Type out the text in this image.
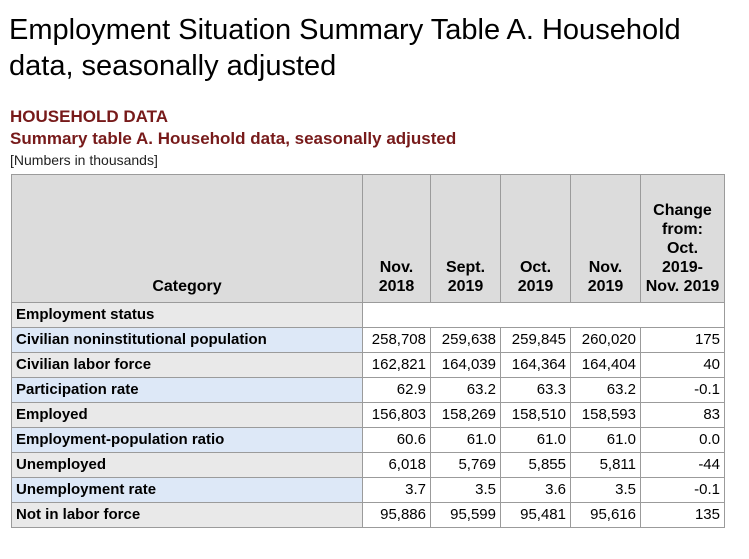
Employment Situation Summary Table A. Household data, seasonally adjusted
HOUSEHOLD DATA
Summary table A. Household data, seasonally adjusted
[Numbers in thousands]
Category	Nov. 2018	Sept. 2019	Oct. 2019	Nov. 2019	Change from: Oct. 2019- Nov. 2019
Employment status					
Civilian noninstitutional population	258,708	259,638	259,845	260,020	175
Civilian labor force	162,821	164,039	164,364	164,404	40
Participation rate	62.9	63.2	63.3	63.2	-0.1
Employed	156,803	158,269	158,510	158,593	83
Employment-population ratio	60.6	61.0	61.0	61.0	0.0
Unemployed	6,018	5,769	5,855	5,811	-44
Unemployment rate	3.7	3.5	3.6	3.5	-0.1
Not in labor force	95,886	95,599	95,481	95,616	135
